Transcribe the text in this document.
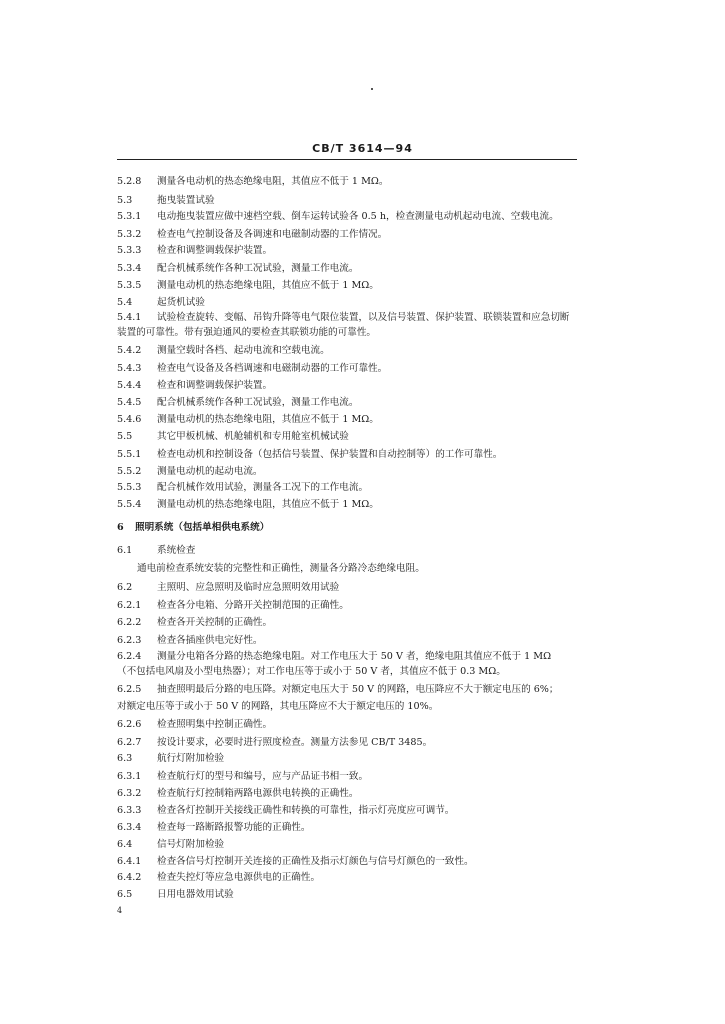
CB/T 3614—94
5.2.8 测量各电动机的热态绝缘电阻，其值应不低于 1 MΩ。
5.3	拖曳装置试验
5.3.1 电动拖曳装置应做中速档空载、倒车运转试验各 0.5 h，检查测量电动机起动电流、空载电流。
5.3.2 检查电气控制设备及各调速和电磁制动器的工作情况。
5.3.3 检查和调整调载保护装置。
5.3.4 配合机械系统作各种工况试验，测量工作电流。
5.3.5 测量电动机的热态绝缘电阻，其值应不低于 1 MΩ。
5.4	起货机试验
5.4.1 试验检查旋转、变幅、吊钩升降等电气限位装置，以及信号装置、保护装置、联锁装置和应急切断
装置的可靠性。带有强迫通风的要检查其联锁功能的可靠性。
5.4.2 测量空载时各档、起动电流和空载电流。
5.4.3 检查电气设备及各档调速和电磁制动器的工作可靠性。
5.4.4 检查和调整调载保护装置。
5.4.5 配合机械系统作各种工况试验，测量工作电流。
5.4.6 测量电动机的热态绝缘电阻，其值应不低于 1 MΩ。
5.5	其它甲板机械、机舱辅机和专用舱室机械试验
5.5.1 检查电动机和控制设备（包括信号装置、保护装置和自动控制等）的工作可靠性。
5.5.2 测量电动机的起动电流。
5.5.3 配合机械作效用试验，测量各工况下的工作电流。
5.5.4 测量电动机的热态绝缘电阻，其值应不低于 1 MΩ。
6 照明系统（包括单相供电系统）
6.1	系统检查
通电前检查系统安装的完整性和正确性，测量各分路冷态绝缘电阻。
6.2	主照明、应急照明及临时应急照明效用试验
6.2.1 检查各分电箱、分路开关控制范围的正确性。
6.2.2 检查各开关控制的正确性。
6.2.3 检查各插座供电完好性。
6.2.4 测量分电箱各分路的热态绝缘电阻。对工作电压大于 50 V 者，绝缘电阻其值应不低于 1 MΩ
（不包括电风扇及小型电热器）；对工作电压等于或小于 50 V 者，其值应不低于 0.3 MΩ。
6.2.5 抽查照明最后分路的电压降。对额定电压大于 50 V 的网路，电压降应不大于额定电压的 6%；
对额定电压等于或小于 50 V 的网路，其电压降应不大于额定电压的 10%。
6.2.6 检查照明集中控制正确性。
6.2.7 按设计要求，必要时进行照度检查。测量方法参见 CB/T 3485。
6.3	航行灯附加检验
6.3.1 检查航行灯的型号和编号，应与产品证书相一致。
6.3.2 检查航行灯控制箱两路电源供电转换的正确性。
6.3.3 检查各灯控制开关接线正确性和转换的可靠性，指示灯亮度应可调节。
6.3.4 检查每一路断路报警功能的正确性。
6.4	信号灯附加检验
6.4.1 检查各信号灯控制开关连接的正确性及指示灯颜色与信号灯颜色的一致性。
6.4.2 检查失控灯等应急电源供电的正确性。
6.5	日用电器效用试验
4
